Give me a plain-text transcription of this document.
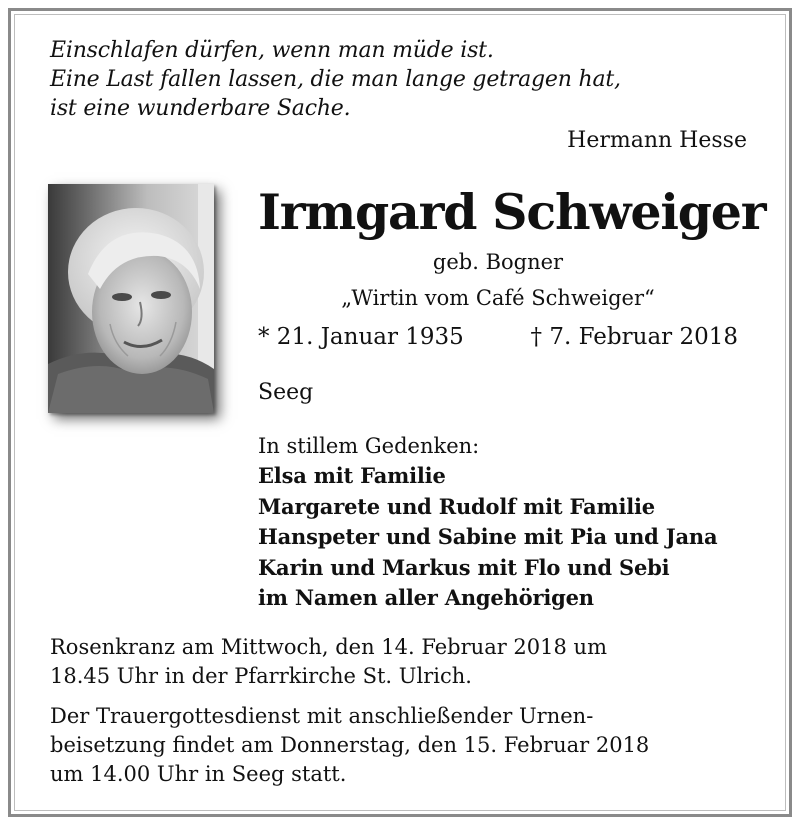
Einschlafen dürfen, wenn man müde ist.
Eine Last fallen lassen, die man lange getragen hat,
ist eine wunderbare Sache.
Hermann Hesse
Irmgard Schweiger
geb. Bogner
„Wirtin vom Café Schweiger“
* 21. Januar 1935	† 7. Februar 2018
Seeg
In stillem Gedenken:
Elsa mit Familie
Margarete und Rudolf mit Familie
Hanspeter und Sabine mit Pia und Jana
Karin und Markus mit Flo und Sebi
im Namen aller Angehörigen
Rosenkranz am Mittwoch, den 14. Februar 2018 um
18.45 Uhr in der Pfarrkirche St. Ulrich.
Der Trauergottesdienst mit anschließender Urnen-
beisetzung findet am Donnerstag, den 15. Februar 2018
um 14.00 Uhr in Seeg statt.
